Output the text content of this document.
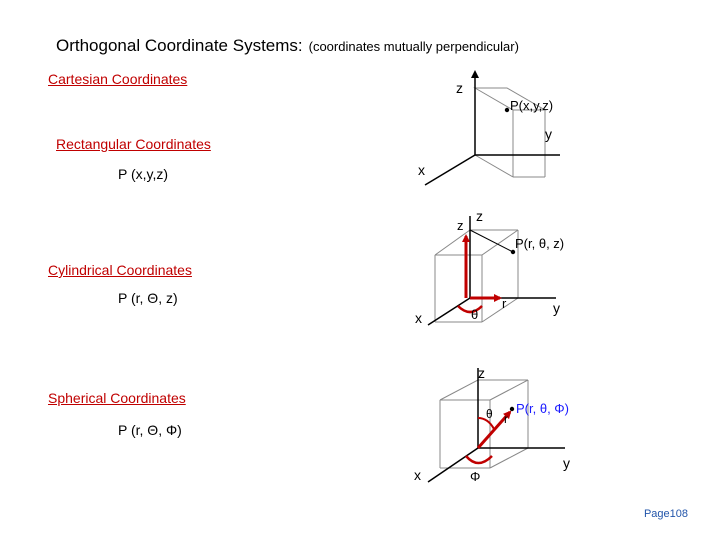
Orthogonal Coordinate Systems: (coordinates mutually perpendicular)
Cartesian Coordinates
Rectangular Coordinates
P (x,y,z)
Cylindrical Coordinates
P (r, Θ, z)
Spherical Coordinates
P (r, Θ, Φ)
z
P(x,y,z)
y
x
z
z
P(r, θ, z)
y
x	θ
r
z
θ r
P(r, θ, Φ)
y
x	Φ
Page108
